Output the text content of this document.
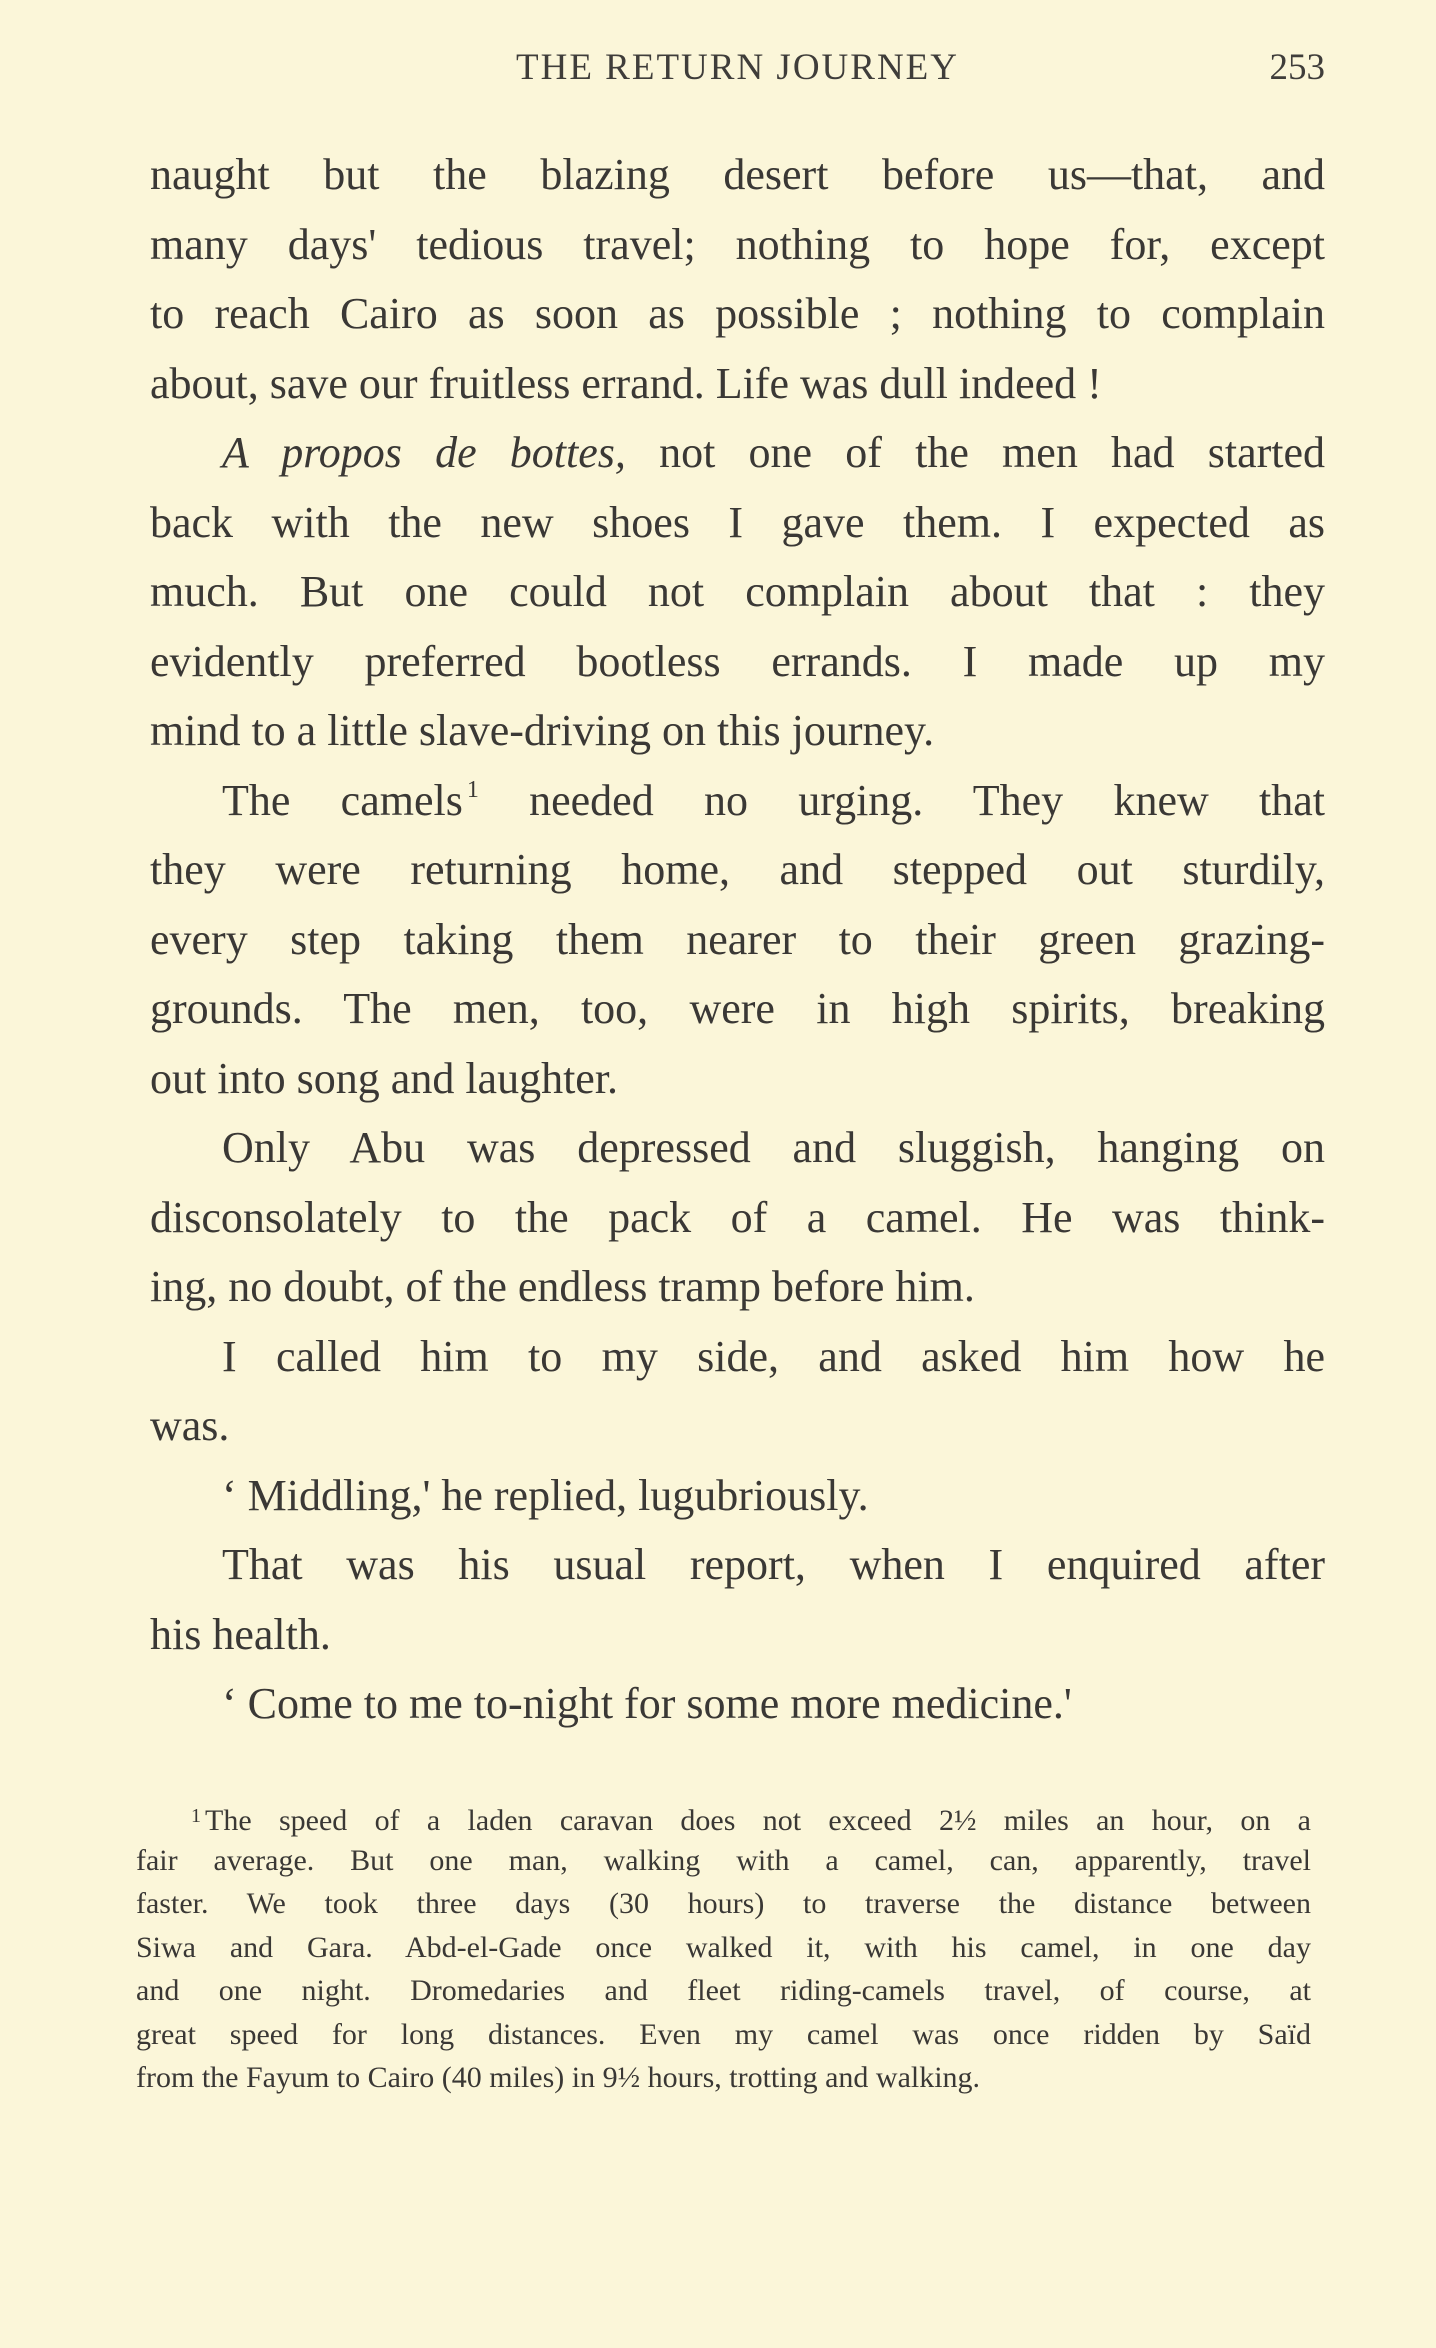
THE RETURN JOURNEY	253
naught but the blazing desert before us—that, and
many days' tedious travel; nothing to hope for, except
to reach Cairo as soon as possible ; nothing to complain
about, save our fruitless errand. Life was dull indeed !
A propos de bottes, not one of the men had started
back with the new shoes I gave them. I expected as
much. But one could not complain about that : they
evidently preferred bootless errands. I made up my
mind to a little slave-driving on this journey.
The camels $^1$ needed no urging. They knew that
they were returning home, and stepped out sturdily,
every step taking them nearer to their green grazing-
grounds. The men, too, were in high spirits, breaking
out into song and laughter.
Only Abu was depressed and sluggish, hanging on
disconsolately to the pack of a camel. He was think-
ing, no doubt, of the endless tramp before him.
I called him to my side, and asked him how he
was.
‘ Middling,' he replied, lugubriously.
That was his usual report, when I enquired after
his health.
‘ Come to me to-night for some more medicine.'
$^1$ The speed of a laden caravan does not exceed 2½ miles an hour, on a
fair average. But one man, walking with a camel, can, apparently, travel
faster. We took three days (30 hours) to traverse the distance between
Siwa and Gara. Abd-el-Gade once walked it, with his camel, in one day
and one night. Dromedaries and fleet riding-camels travel, of course, at
great speed for long distances. Even my camel was once ridden by Saïd
from the Fayum to Cairo (40 miles) in 9½ hours, trotting and walking.
